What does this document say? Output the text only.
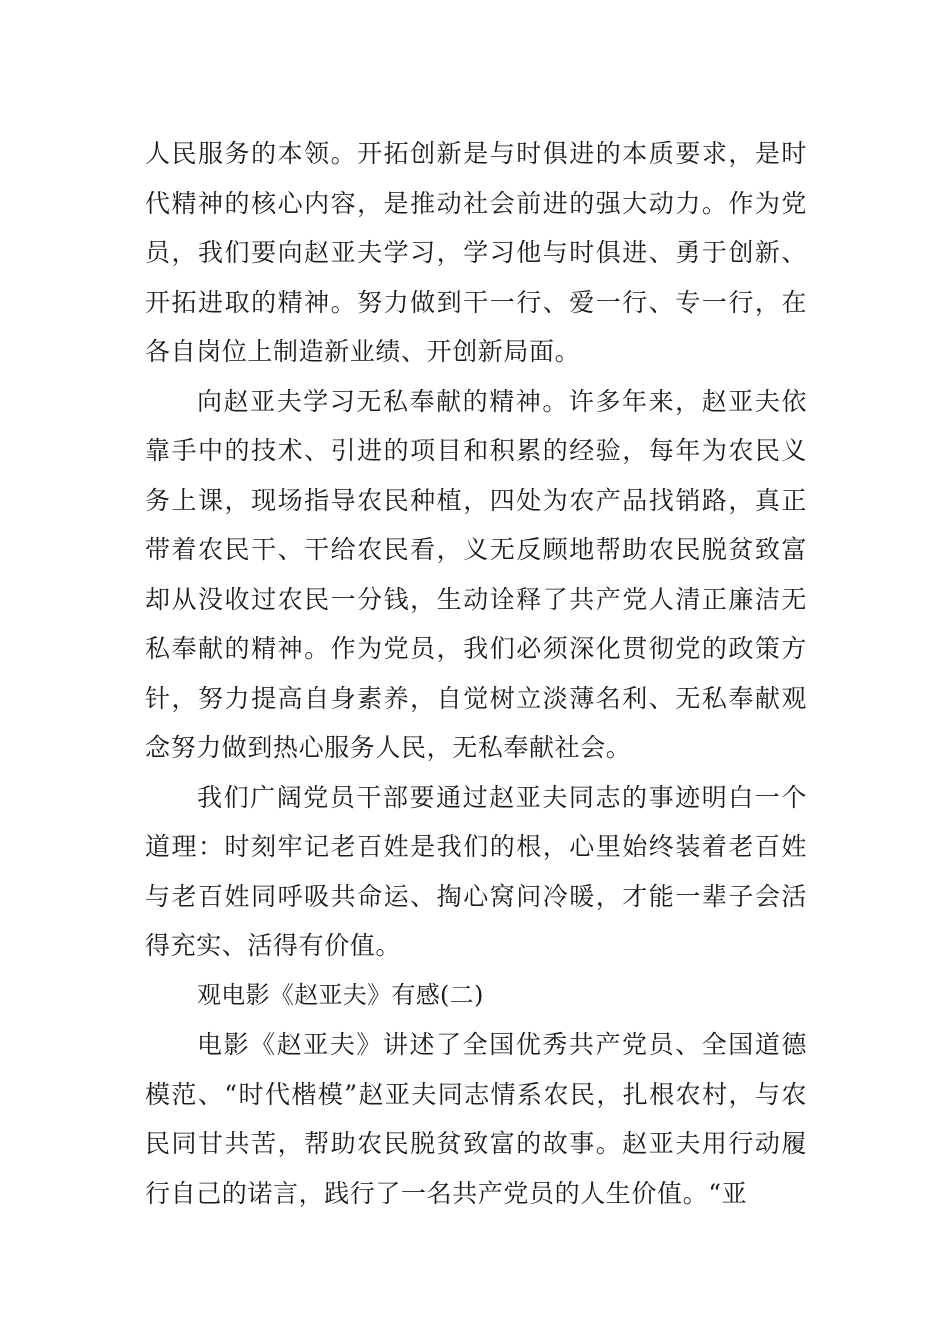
人民服务的本领。开拓创新是与时俱进的本质要求，是时代精神的核心内容，是推动社会前进的强大动力。作为党员，我们要向赵亚夫学习，学习他与时俱进、勇于创新、开拓进取的精神。努力做到干一行、爱一行、专一行，在各自岗位上制造新业绩、开创新局面。

向赵亚夫学习无私奉献的精神。许多年来，赵亚夫依靠手中的技术、引进的项目和积累的经验，每年为农民义务上课，现场指导农民种植，四处为农产品找销路，真正带着农民干、干给农民看，义无反顾地帮助农民脱贫致富却从没收过农民一分钱，生动诠释了共产党人清正廉洁无私奉献的精神。作为党员，我们必须深化贯彻党的政策方针，努力提高自身素养，自觉树立淡薄名利、无私奉献观念努力做到热心服务人民，无私奉献社会。

我们广阔党员干部要通过赵亚夫同志的事迹明白一个道理：时刻牢记老百姓是我们的根，心里始终装着老百姓与老百姓同呼吸共命运、掏心窝问冷暖，才能一辈子会活得充实、活得有价值。

观电影《赵亚夫》有感(二)

电影《赵亚夫》讲述了全国优秀共产党员、全国道德模范、“时代楷模”赵亚夫同志情系农民，扎根农村，与农民同甘共苦，帮助农民脱贫致富的故事。赵亚夫用行动履行自己的诺言，践行了一名共产党员的人生价值。“亚
